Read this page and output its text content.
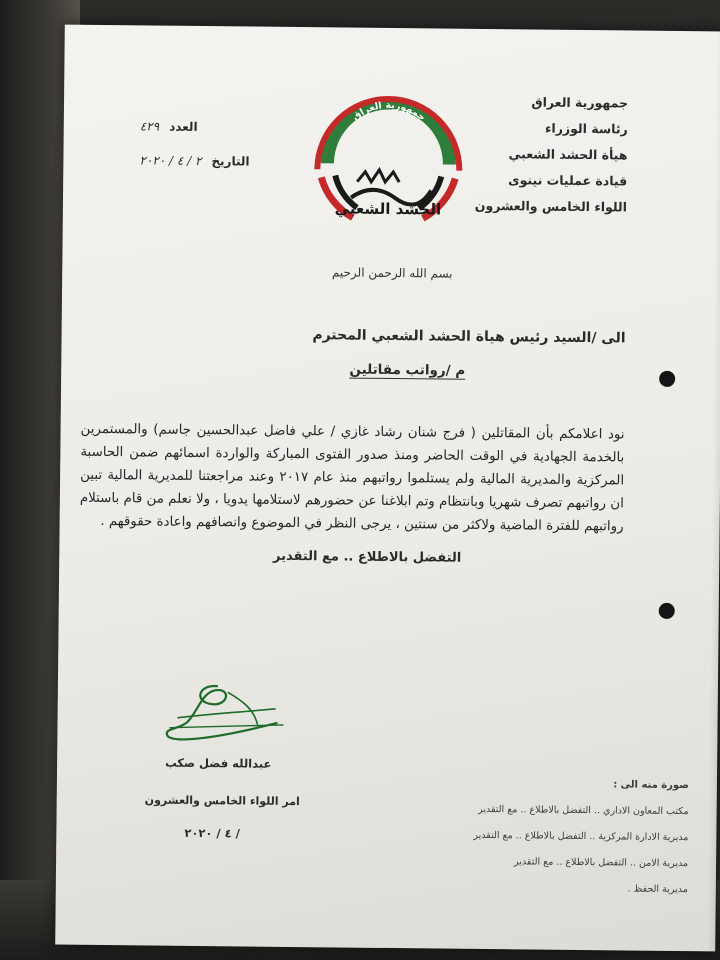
جمهورية العراق
رئاسة الوزراء
هيأة الحشد الشعبي
قيادة عمليات نينوى
اللواء الخامس والعشرون
جمهورية العراق
الحشد الشعبي
العدد
٤٢٩
التاريخ
٢ / ٤ / ٢٠٢٠
بسم الله الرحمن الرحيم
الى /السيد رئيس هياة الحشد الشعبي المحترم
م /رواتب مقاتلين
نود اعلامكم بأن المقاتلين ( فرج شنان رشاد غازي / علي فاضل عبدالحسين جاسم) والمستمرين بالخدمة الجهادية في الوقت الحاضر ومنذ صدور الفتوى المباركة والواردة اسمائهم ضمن الحاسبة المركزية والمديرية المالية ولم يستلموا رواتبهم منذ عام ٢٠١٧ وعند مراجعتنا للمديرية المالية تبين ان رواتبهم تصرف شهريا وبانتظام وتم ابلاغنا عن حضورهم لاستلامها يدويا ، ولا نعلم من قام باستلام رواتبهم للفترة الماضية ولاكثر من سنتين ، يرجى النظر في الموضوع وانصافهم واعادة حقوقهم .
التفضل بالاطلاع .. مع التقدير
عبدالله فضل صكب
امر اللواء الخامس والعشرون
/ ٤ / ٢٠٢٠
صورة منه الى :
مكتب المعاون الاداري .. التفضل بالاطلاع .. مع التقدير
مديرية الادارة المركزية .. التفضل بالاطلاع .. مع التقدير
مديرية الامن .. التفضل بالاطلاع .. مع التقدير
مديرية الحفظ .
